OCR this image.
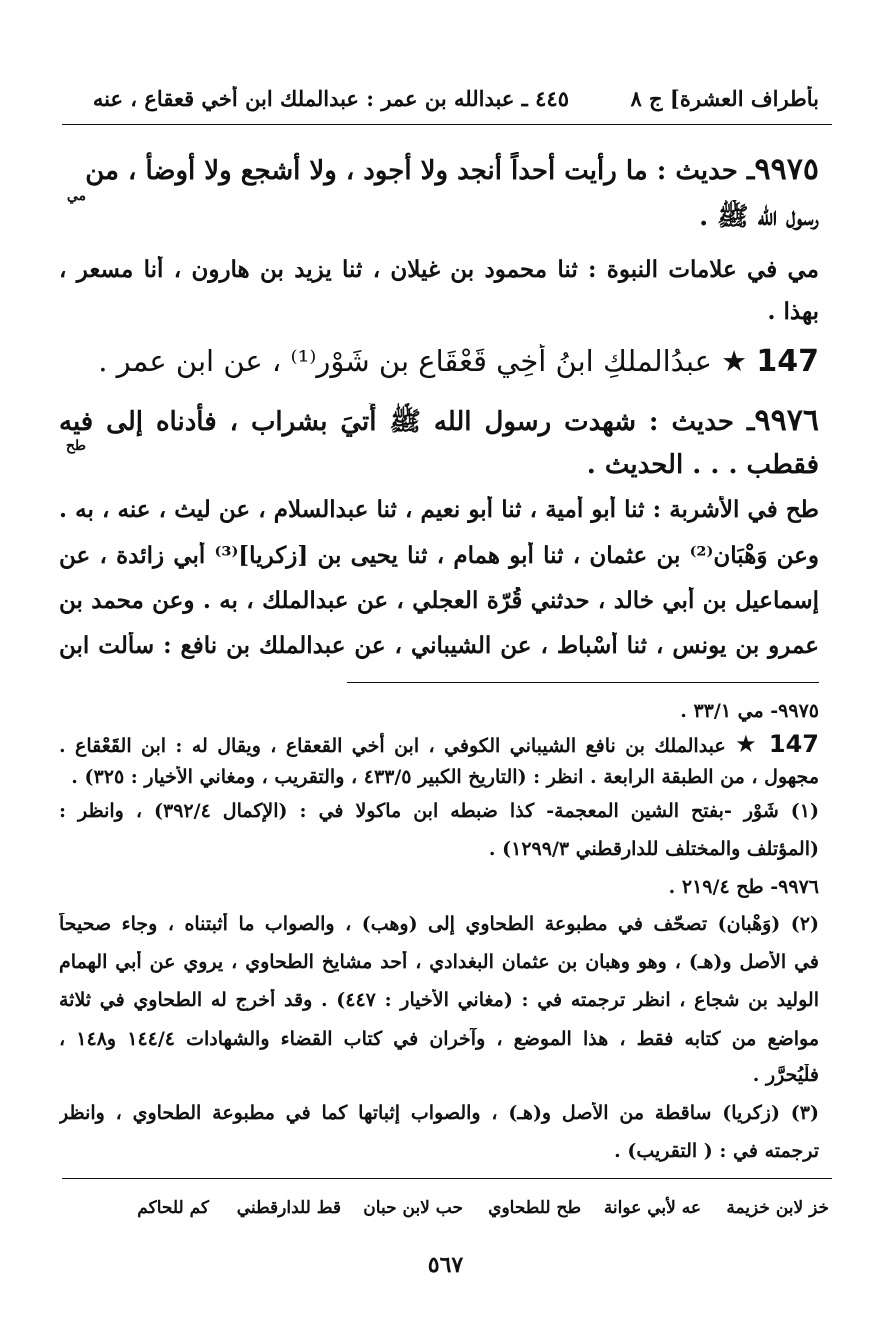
بأطراف العشرة] ج ٨
٤٤٥ ـ عبدالله بن عمر : عبدالملك ابن أخي قعقاع ، عنه
٩٩٧٥ـ حديث : ما رأيت أحداً أنجد ولا أجود ، ولا أشجع ولا أوضأ ، من
مي
رسول الله ﷺ .
مي في علامات النبوة : ثنا محمود بن غيلان ، ثنا يزيد بن هارون ، أنا مسعر ،
بهذا .
147 ★ عبدُالملكِ ابنُ أخِي قَعْقَاع بن شَوْر⁽¹⁾ ، عن ابن عمر .
٩٩٧٦ـ حديث : شهدت رسول الله ﷺ أُتيَ بشراب ، فأدناه إلى فيه
طح
فقطب . . . الحديث .
طح في الأشربة : ثنا أبو أمية ، ثنا أبو نعيم ، ثنا عبدالسلام ، عن ليث ، عنه ، به .
وعن وَهْبَان⁽²⁾ بن عثمان ، ثنا أبو همام ، ثنا يحيى بن [زكريا]⁽³⁾ أبي زائدة ، عن
إسماعيل بن أبي خالد ، حدثني قُرّة العجلي ، عن عبدالملك ، به . وعن محمد بن
عمرو بن يونس ، ثنا أَسْباط ، عن الشيباني ، عن عبدالملك بن نافع : سألت ابن
٩٩٧٥- مي ٣٣/١ .
147 ★ عبدالملك بن نافع الشيباني الكوفي ، ابن أخي القعقاع ، ويقال له : ابن القَعْقاع .
مجهول ، من الطبقة الرابعة . انظر : (التاريخ الكبير ٤٣٣/٥ ، والتقريب ، ومغاني الأخيار : ٣٢٥) .
(١) شَوْر -بفتح الشين المعجمة- كذا ضبطه ابن ماكولا في : (الإكمال ٣٩٢/٤) ، وانظر :
(المؤتلف والمختلف للدارقطني ١٢٩٩/٣) .
٩٩٧٦- طح ٢١٩/٤ .
(٢) (وَهْبان) تصحّف في مطبوعة الطحاوي إلى (وهب) ، والصواب ما أثبتناه ، وجاء صحيحاً
في الأصل و(هـ) ، وهو وهبان بن عثمان البغدادي ، أحد مشايخ الطحاوي ، يروي عن أبي الهمام
الوليد بن شجاع ، انظر ترجمته في : (مغاني الأخيار : ٤٤٧) . وقد أخرج له الطحاوي في ثلاثة
مواضع من كتابه فقط ، هذا الموضع ، وآخران في كتاب القضاء والشهادات ١٤٤/٤ و١٤٨ ،
فلْيُحرَّر .
(٣) (زكريا) ساقطة من الأصل و(هـ) ، والصواب إثباتها كما في مطبوعة الطحاوي ، وانظر
ترجمته في : ( التقريب) .
خز لابن خزيمة
عه لأبي عوانة
طح للطحاوي
حب لابن حبان
قط للدارقطني
كم للحاكم
٥٦٧
